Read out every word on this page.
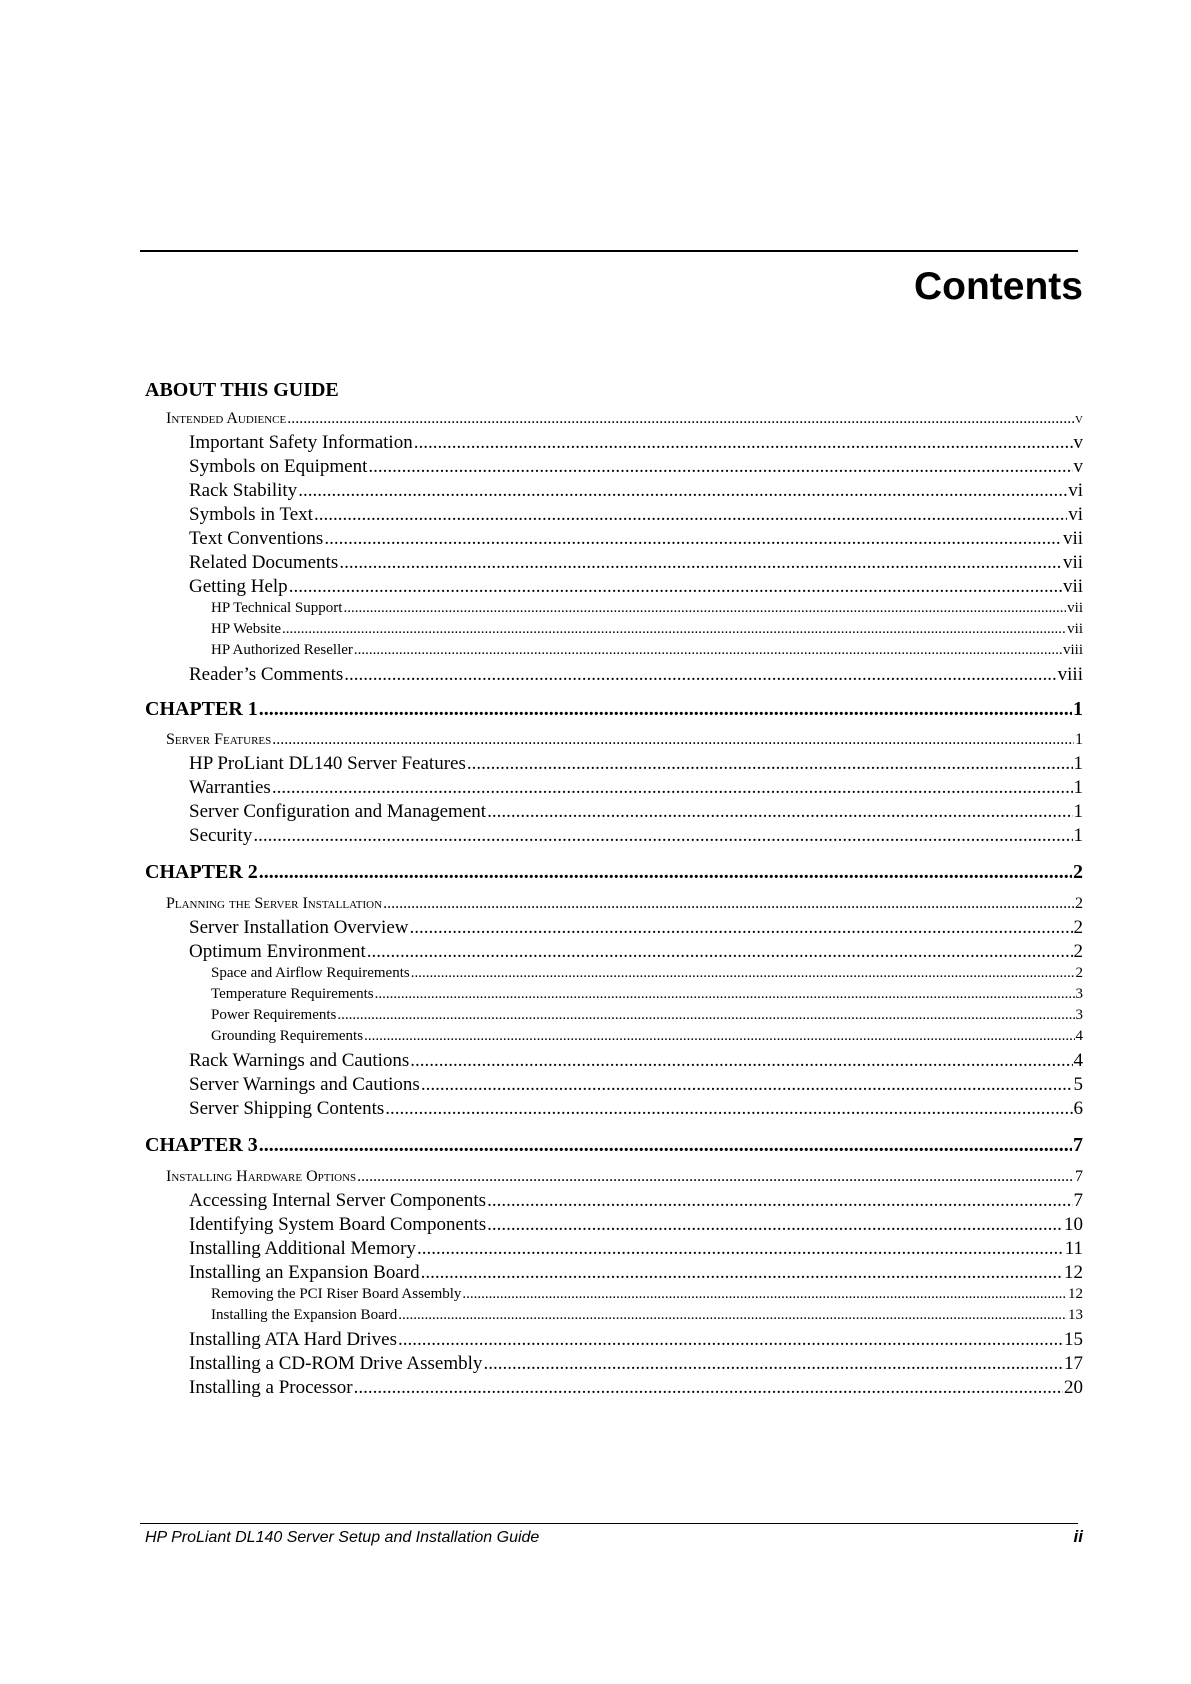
Contents
ABOUT THIS GUIDE
Intended Audience .....	v
Important Safety Information .....	v
Symbols on Equipment .....	v
Rack Stability .....	vi
Symbols in Text .....	vi
Text Conventions .....	vii
Related Documents .....	vii
Getting Help .....	vii
HP Technical Support .....	vii
HP Website .....	vii
HP Authorized Reseller .....	viii
Reader’s Comments .....	viii
CHAPTER 1 .....	1
Server Features .....	1
HP ProLiant DL140 Server Features .....	1
Warranties .....	1
Server Configuration and Management .....	1
Security .....	1
CHAPTER 2 .....	2
Planning the Server Installation .....	2
Server Installation Overview .....	2
Optimum Environment .....	2
Space and Airflow Requirements .....	2
Temperature Requirements .....	3
Power Requirements .....	3
Grounding Requirements .....	4
Rack Warnings and Cautions .....	4
Server Warnings and Cautions .....	5
Server Shipping Contents .....	6
CHAPTER 3 .....	7
Installing Hardware Options .....	7
Accessing Internal Server Components .....	7
Identifying System Board Components .....	10
Installing Additional Memory .....	11
Installing an Expansion Board .....	12
Removing the PCI Riser Board Assembly .....	12
Installing the Expansion Board .....	13
Installing ATA Hard Drives .....	15
Installing a CD-ROM Drive Assembly .....	17
Installing a Processor .....	20
HP ProLiant DL140 Server Setup and Installation Guide	ii
